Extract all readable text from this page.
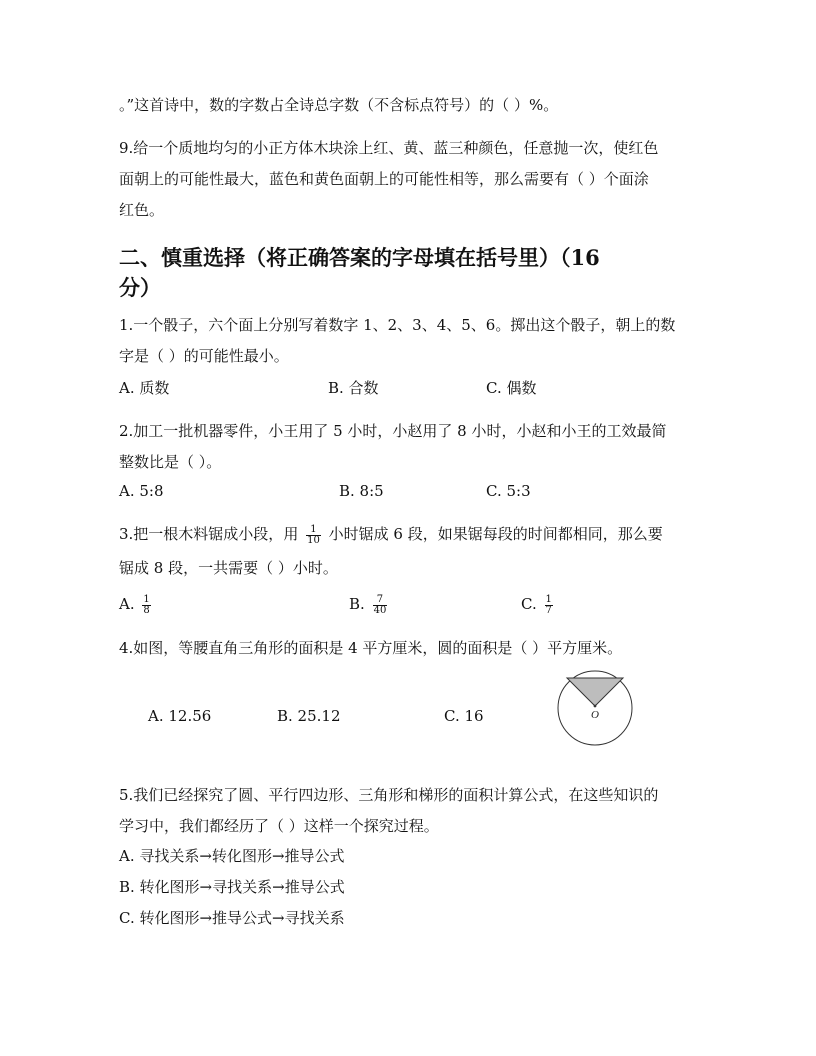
。”这首诗中，数的字数占全诗总字数（不含标点符号）的（ ）%。
9.给一个质地均匀的小正方体木块涂上红、黄、蓝三种颜色，任意抛一次，使红色
面朝上的可能性最大，蓝色和黄色面朝上的可能性相等，那么需要有（ ）个面涂
红色。
二、慎重选择（将正确答案的字母填在括号里）（16
分）
1.一个骰子，六个面上分别写着数字 1、2、3、4、5、6。掷出这个骰子，朝上的数
字是（ ）的可能性最小。
A. 质数	B. 合数	C. 偶数
2.加工一批机器零件，小王用了 5 小时，小赵用了 8 小时，小赵和小王的工效最简
整数比是（ ）。
A. 5:8	B. 8:5	C. 5:3
3.把一根木料锯成小段，用 $\frac{1}{10}$ 小时锯成 6 段，如果锯每段的时间都相同，那么要
锯成 8 段，一共需要（ ）小时。
A. $\frac{1}{8}$	B. $\frac{7}{40}$	C. $\frac{1}{7}$
4.如图，等腰直角三角形的面积是 4 平方厘米，圆的面积是（ ）平方厘米。
A. 12.56	B. 25.12	C. 16	O
5.我们已经探究了圆、平行四边形、三角形和梯形的面积计算公式，在这些知识的
学习中，我们都经历了（ ）这样一个探究过程。
A. 寻找关系→转化图形→推导公式
B. 转化图形→寻找关系→推导公式
C. 转化图形→推导公式→寻找关系
